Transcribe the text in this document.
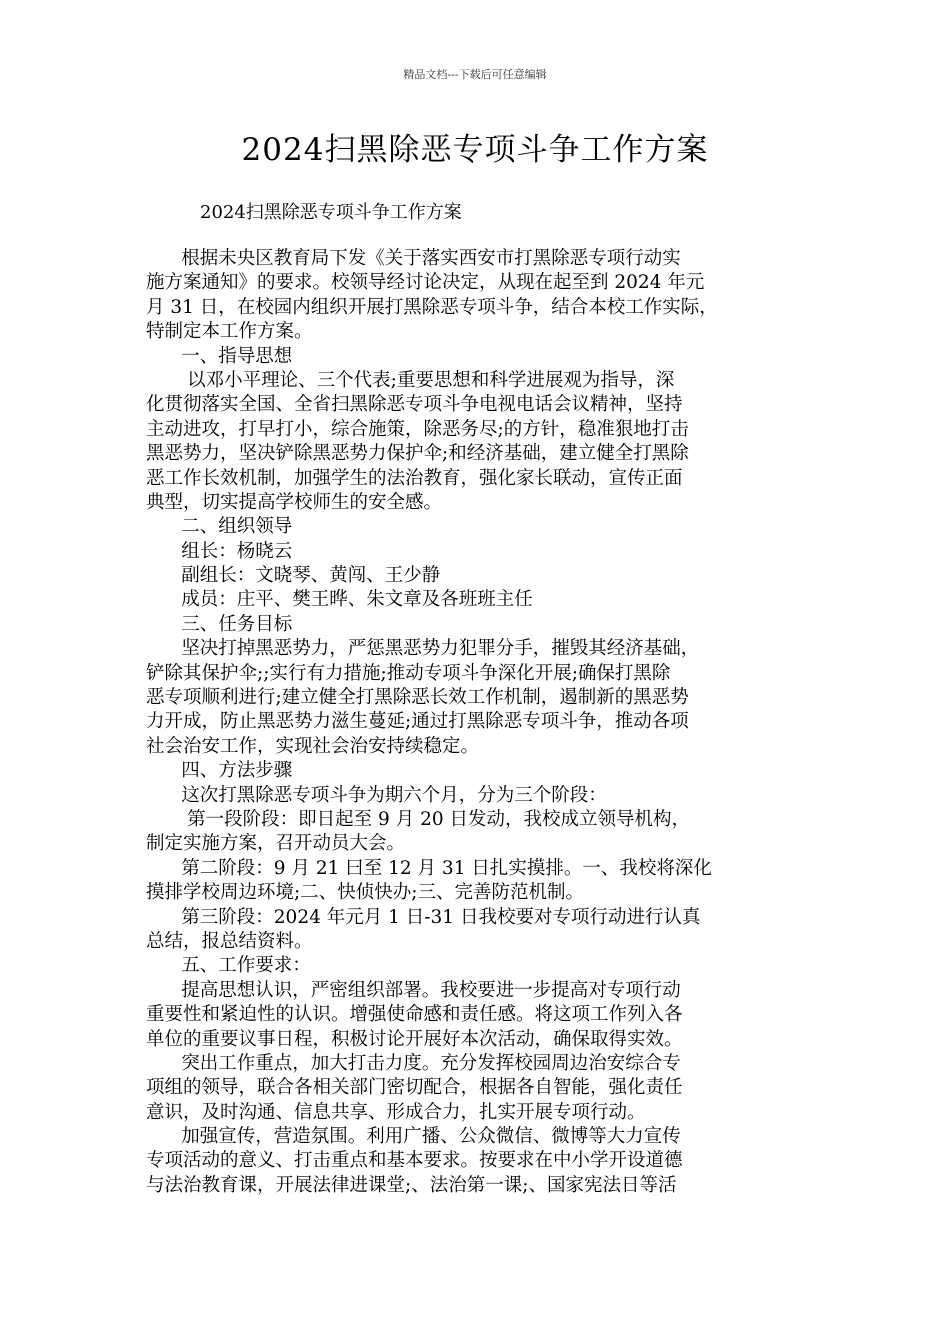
精品文档---下载后可任意编辑
2024扫黑除恶专项斗争工作方案
2024扫黑除恶专项斗争工作方案
根据未央区教育局下发《关于落实西安市打黑除恶专项行动实
施方案通知》的要求。校领导经讨论决定，从现在起至到 2024 年元
月 31 日，在校园内组织开展打黑除恶专项斗争，结合本校工作实际，
特制定本工作方案。
一、指导思想
以邓小平理论、三个代表;重要思想和科学进展观为指导，深
化贯彻落实全国、全省扫黑除恶专项斗争电视电话会议精神，坚持
主动进攻，打早打小，综合施策，除恶务尽;的方针，稳准狠地打击
黑恶势力，坚决铲除黑恶势力保护伞;和经济基础，建立健全打黑除
恶工作长效机制，加强学生的法治教育，强化家长联动，宣传正面
典型，切实提高学校师生的安全感。
二、组织领导
组长：杨晓云
副组长：文晓琴、黄闯、王少静
成员：庄平、樊王晔、朱文章及各班班主任
三、任务目标
坚决打掉黑恶势力，严惩黑恶势力犯罪分手，摧毁其经济基础，
铲除其保护伞;;实行有力措施;推动专项斗争深化开展;确保打黑除
恶专项顺利进行;建立健全打黑除恶长效工作机制，遏制新的黑恶势
力开成，防止黑恶势力滋生蔓延;通过打黑除恶专项斗争，推动各项
社会治安工作，实现社会治安持续稳定。
四、方法步骤
这次打黑除恶专项斗争为期六个月，分为三个阶段：
第一段阶段：即日起至 9 月 20 日发动，我校成立领导机构，
制定实施方案，召开动员大会。
第二阶段：9 月 21 曰至 12 月 31 日扎实摸排。一、我校将深化
摸排学校周边环境;二、快侦快办;三、完善防范机制。
第三阶段：2024 年元月 1 日-31 日我校要对专项行动进行认真
总结，报总结资料。
五、工作要求：
提高思想认识，严密组织部署。我校要进一步提高对专项行动
重要性和紧迫性的认识。增强使命感和责任感。将这项工作列入各
单位的重要议事日程，积极讨论开展好本次活动，确保取得实效。
突出工作重点，加大打击力度。充分发挥校园周边治安综合专
项组的领导，联合各相关部门密切配合，根据各自智能，强化责任
意识，及时沟通、信息共享、形成合力，扎实开展专项行动。
加强宣传，营造氛围。利用广播、公众微信、微博等大力宣传
专项活动的意义、打击重点和基本要求。按要求在中小学开设道德
与法治教育课，开展法律进课堂;、法治第一课;、国家宪法日等活
